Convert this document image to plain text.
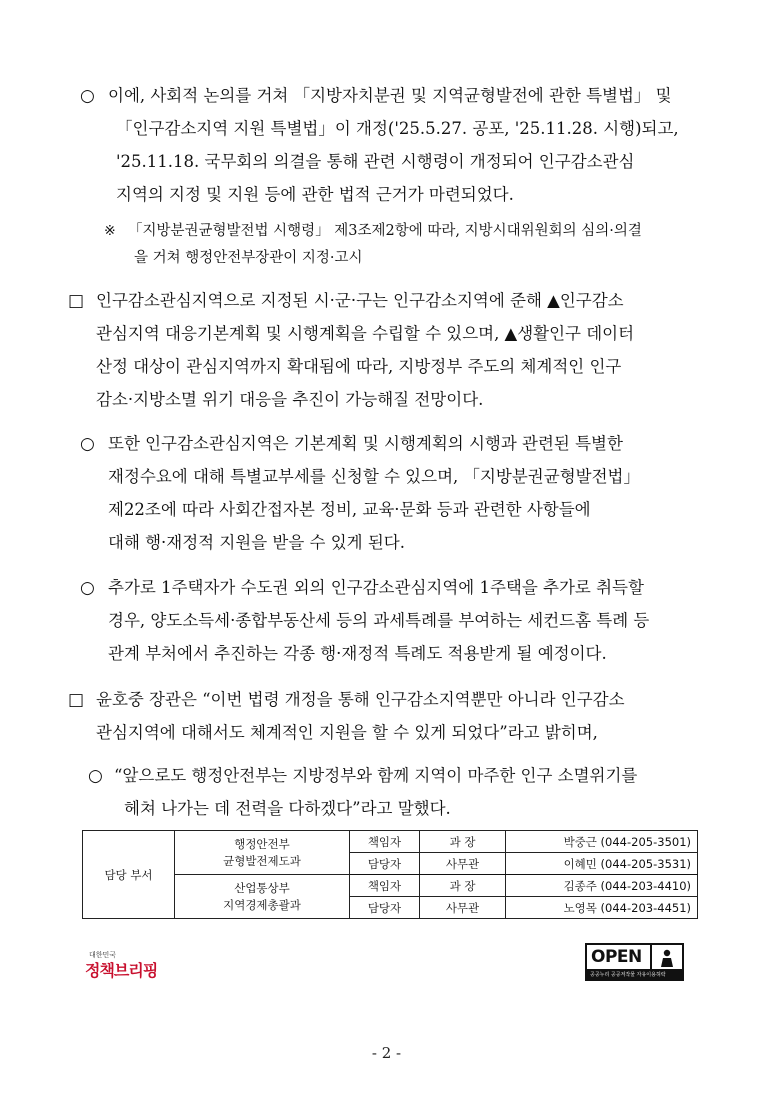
○ 이에, 사회적 논의를 거쳐 「지방자치분권 및 지역균형발전에 관한 특별법」 및
「인구감소지역 지원 특별법」이 개정('25.5.27. 공포, '25.11.28. 시행)되고,
'25.11.18. 국무회의 의결을 통해 관련 시행령이 개정되어 인구감소관심
지역의 지정 및 지원 등에 관한 법적 근거가 마련되었다.
※ 「지방분권균형발전법 시행령」 제3조제2항에 따라, 지방시대위원회의 심의·의결
을 거쳐 행정안전부장관이 지정·고시
□ 인구감소관심지역으로 지정된 시·군·구는 인구감소지역에 준해 ▲인구감소
관심지역 대응기본계획 및 시행계획을 수립할 수 있으며, ▲생활인구 데이터
산정 대상이 관심지역까지 확대됨에 따라, 지방정부 주도의 체계적인 인구
감소·지방소멸 위기 대응을 추진이 가능해질 전망이다.
○ 또한 인구감소관심지역은 기본계획 및 시행계획의 시행과 관련된 특별한
재정수요에 대해 특별교부세를 신청할 수 있으며, 「지방분권균형발전법」
제22조에 따라 사회간접자본 정비, 교육·문화 등과 관련한 사항들에
대해 행·재정적 지원을 받을 수 있게 된다.
○ 추가로 1주택자가 수도권 외의 인구감소관심지역에 1주택을 추가로 취득할
경우, 양도소득세·종합부동산세 등의 과세특례를 부여하는 세컨드홈 특례 등
관계 부처에서 추진하는 각종 행·재정적 특례도 적용받게 될 예정이다.
□ 윤호중 장관은 “이번 법령 개정을 통해 인구감소지역뿐만 아니라 인구감소
관심지역에 대해서도 체계적인 지원을 할 수 있게 되었다”라고 밝히며,
○ “앞으로도 행정안전부는 지방정부와 함께 지역이 마주한 인구 소멸위기를
헤쳐 나가는 데 전력을 다하겠다”라고 말했다.
담당 부서	행정안전부
균형발전제도과	책임자	과 장	박중근 (044-205-3501)
		담당자	사무관	이혜민 (044-205-3531)

	산업통상부
지역경제총괄과	책임자	과 장	김종주 (044-203-4410)
		담당자	사무관	노영목 (044-203-4451)
대한민국
정책브리핑
OPEN
공공누리 공공저작물 자유이용허락
- 2 -
